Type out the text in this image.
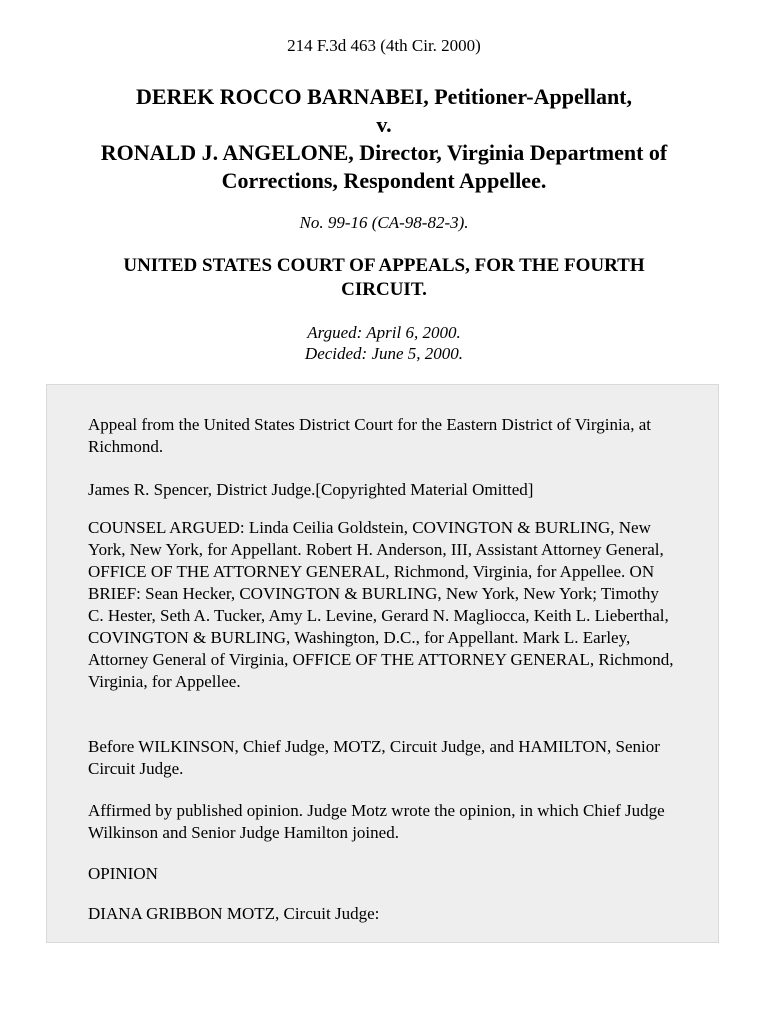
214 F.3d 463 (4th Cir. 2000)
DEREK ROCCO BARNABEI, Petitioner-Appellant,
v.
RONALD J. ANGELONE, Director, Virginia Department of
Corrections, Respondent Appellee.
No. 99-16 (CA-98-82-3).
UNITED STATES COURT OF APPEALS, FOR THE FOURTH
CIRCUIT.
Argued: April 6, 2000.
Decided: June 5, 2000.

Appeal from the United States District Court for the Eastern District of Virginia, at Richmond.

James R. Spencer, District Judge.[Copyrighted Material Omitted]

COUNSEL ARGUED: Linda Ceilia Goldstein, COVINGTON & BURLING, New York, New York, for Appellant. Robert H. Anderson, III, Assistant Attorney General, OFFICE OF THE ATTORNEY GENERAL, Richmond, Virginia, for Appellee. ON BRIEF: Sean Hecker, COVINGTON & BURLING, New York, New York; Timothy C. Hester, Seth A. Tucker, Amy L. Levine, Gerard N. Magliocca, Keith L. Lieberthal, COVINGTON & BURLING, Washington, D.C., for Appellant. Mark L. Earley, Attorney General of Virginia, OFFICE OF THE ATTORNEY GENERAL, Richmond, Virginia, for Appellee.

Before WILKINSON, Chief Judge, MOTZ, Circuit Judge, and HAMILTON, Senior Circuit Judge.

Affirmed by published opinion. Judge Motz wrote the opinion, in which Chief Judge Wilkinson and Senior Judge Hamilton joined.

OPINION

DIANA GRIBBON MOTZ, Circuit Judge:
